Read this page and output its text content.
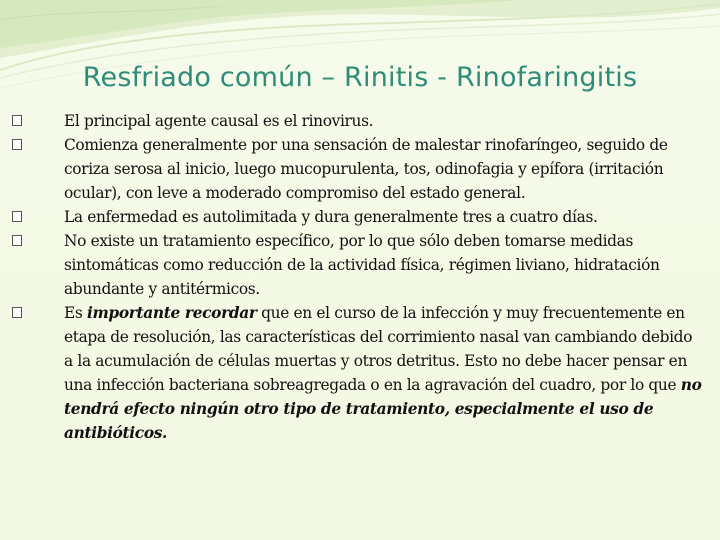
Resfriado común – Rinitis - Rinofaringitis
El principal agente causal es el rinovirus.
Comienza generalmente por una sensación de malestar rinofaríngeo, seguido de coriza serosa al inicio, luego mucopurulenta, tos, odinofagia y epífora (irritación ocular), con leve a moderado compromiso del estado general.
La enfermedad es autolimitada y dura generalmente tres a cuatro días.
No existe un tratamiento específico, por lo que sólo deben tomarse medidas sintomáticas como reducción de la actividad física, régimen liviano, hidratación abundante y antitérmicos.
Es importante recordar que en el curso de la infección y muy frecuentemente en etapa de resolución, las características del corrimiento nasal van cambiando debido a la acumulación de células muertas y otros detritus. Esto no debe hacer pensar en una infección bacteriana sobreagregada o en la agravación del cuadro, por lo que no tendrá efecto ningún otro tipo de tratamiento, especialmente el uso de antibióticos.
